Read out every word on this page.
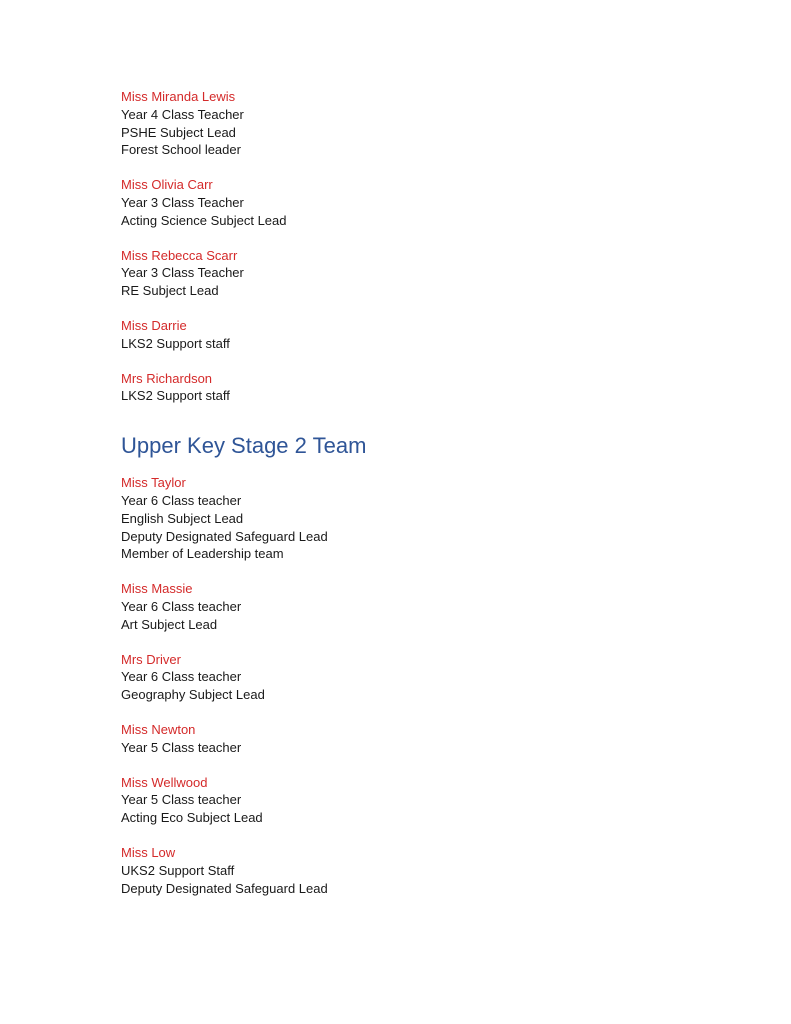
Miss Miranda Lewis
Year 4 Class Teacher
PSHE Subject Lead
Forest School leader
Miss Olivia Carr
Year 3 Class Teacher
Acting Science Subject Lead
Miss Rebecca Scarr
Year 3 Class Teacher
RE Subject Lead
Miss Darrie
LKS2 Support staff
Mrs Richardson
LKS2 Support staff
Upper Key Stage 2 Team
Miss Taylor
Year 6 Class teacher
English Subject Lead
Deputy Designated Safeguard Lead
Member of Leadership team
Miss Massie
Year 6 Class teacher
Art Subject Lead
Mrs Driver
Year 6 Class teacher
Geography Subject Lead
Miss Newton
Year 5 Class teacher
Miss Wellwood
Year 5 Class teacher
Acting Eco Subject Lead
Miss Low
UKS2 Support Staff
Deputy Designated Safeguard Lead
